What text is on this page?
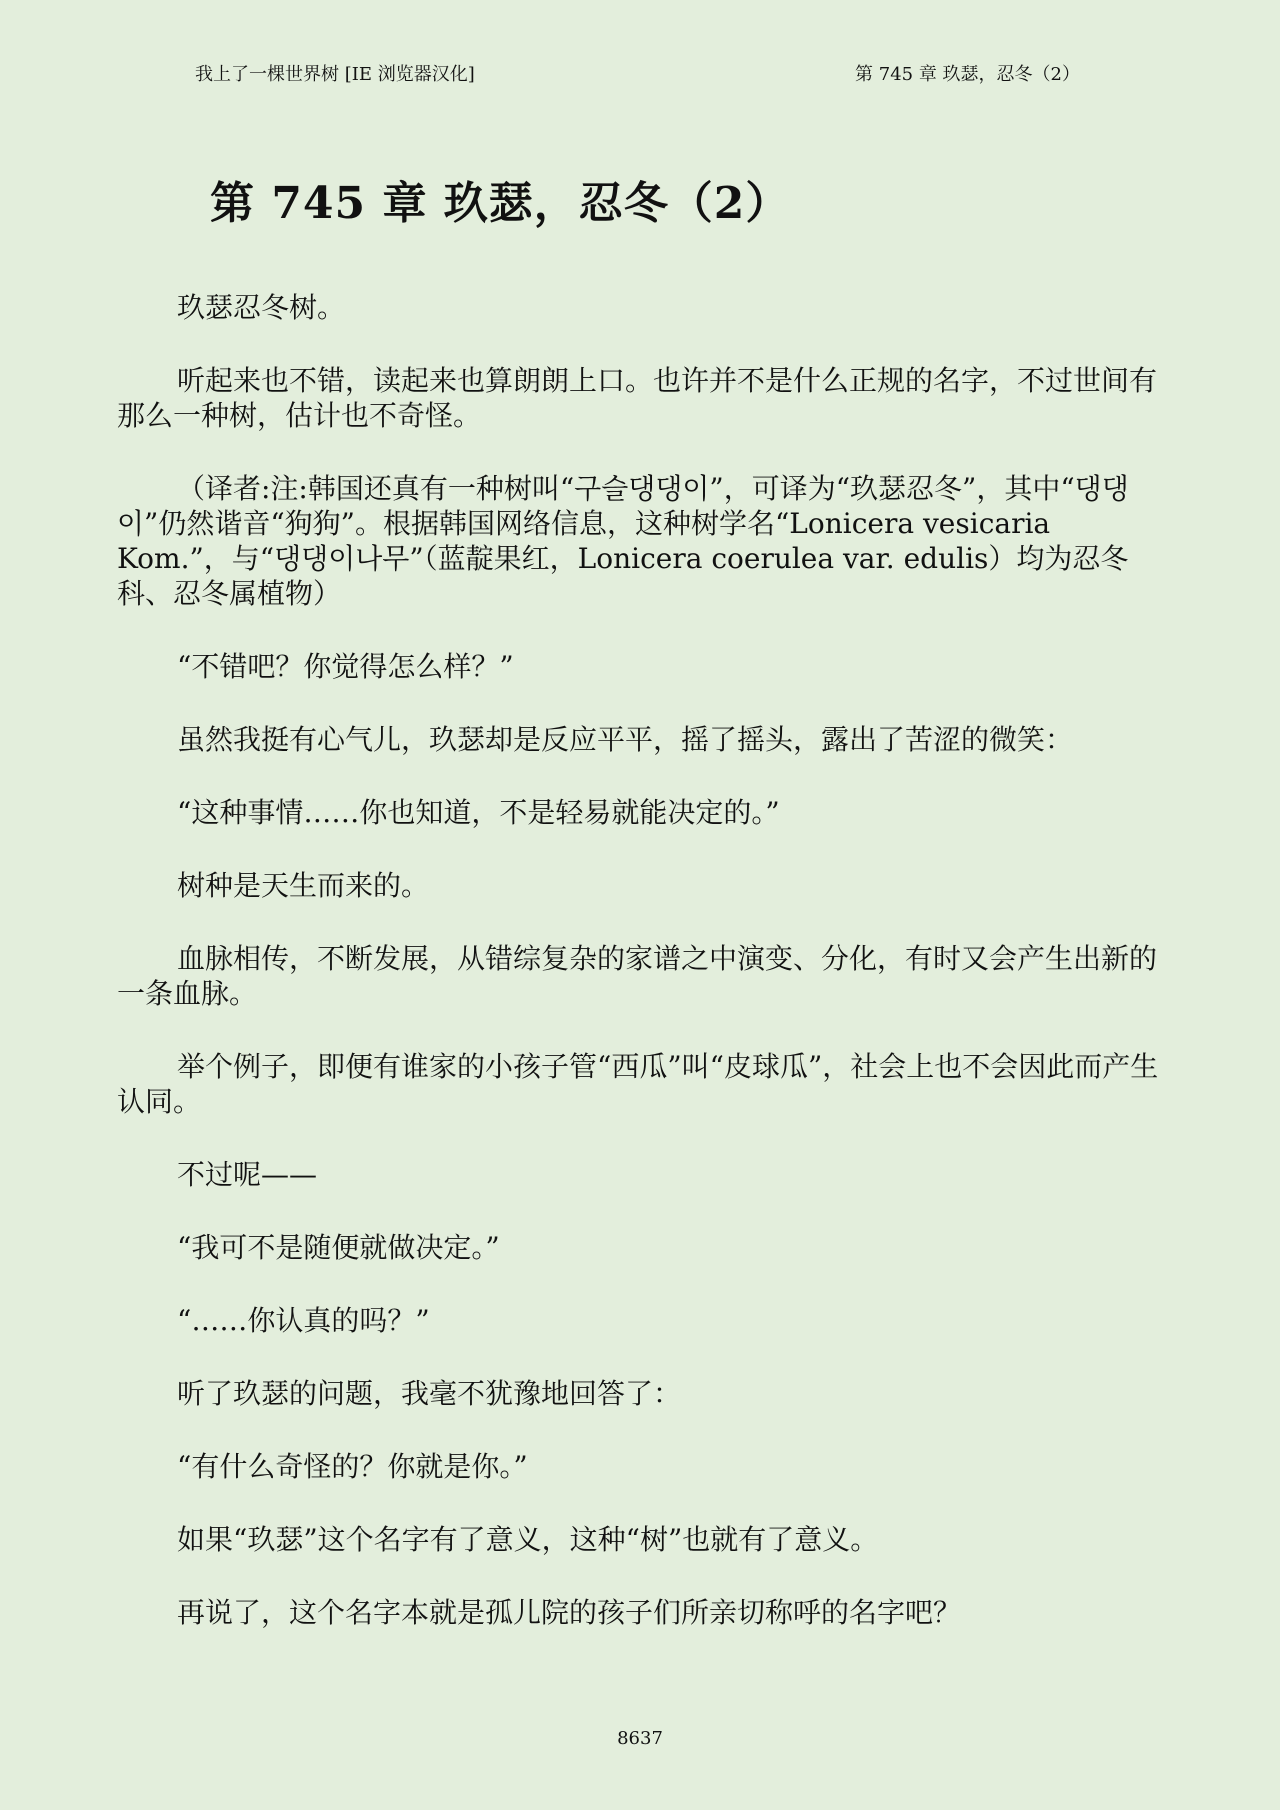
我上了一棵世界树 [IE 浏览器汉化]	第 745 章 玖瑟，忍冬（2）
第 745 章 玖瑟，忍冬（2）

玖瑟忍冬树。

听起来也不错，读起来也算朗朗上口。也许并不是什么正规的名字，不过世间有那么一种树，估计也不奇怪。

（译者:注:韩国还真有一种树叫“구슬댕댕이”，可译为“玖瑟忍冬”，其中“댕댕이”仍然谐音“狗狗”。根据韩国网络信息，这种树学名“Lonicera vesicaria Kom.”，与“댕댕이나무”（蓝靛果红，Lonicera coerulea var. edulis）均为忍冬科、忍冬属植物）

“不错吧？你觉得怎么样？”

虽然我挺有心气儿，玖瑟却是反应平平，摇了摇头，露出了苦涩的微笑：

“这种事情……你也知道，不是轻易就能决定的。”

树种是天生而来的。

血脉相传，不断发展，从错综复杂的家谱之中演变、分化，有时又会产生出新的一条血脉。

举个例子，即便有谁家的小孩子管“西瓜”叫“皮球瓜”，社会上也不会因此而产生认同。

不过呢——

“我可不是随便就做决定。”

“……你认真的吗？”

听了玖瑟的问题，我毫不犹豫地回答了：

“有什么奇怪的？你就是你。”

如果“玖瑟”这个名字有了意义，这种“树”也就有了意义。

再说了，这个名字本就是孤儿院的孩子们所亲切称呼的名字吧？

8637
